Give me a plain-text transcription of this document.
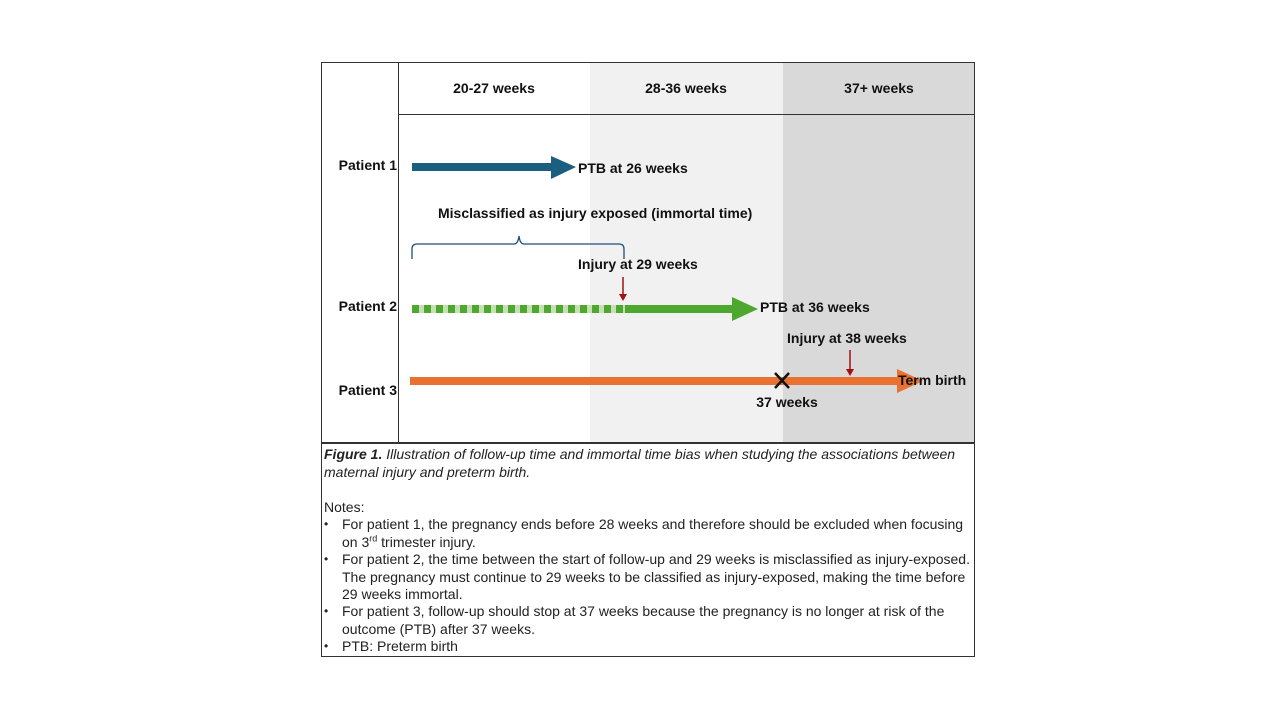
20-27 weeks	28-36 weeks	37+ weeks
Patient 1
Patient 2
Patient 3
PTB at 26 weeks
Misclassified as injury exposed (immortal time)
Injury at 29 weeks
PTB at 36 weeks
Injury at 38 weeks
Term birth
37 weeks
Figure 1. Illustration of follow-up time and immortal time bias when studying the associations between maternal injury and preterm birth.
Notes:
• For patient 1, the pregnancy ends before 28 weeks and therefore should be excluded when focusing on 3rd trimester injury.
• For patient 2, the time between the start of follow-up and 29 weeks is misclassified as injury-exposed. The pregnancy must continue to 29 weeks to be classified as injury-exposed, making the time before 29 weeks immortal.
• For patient 3, follow-up should stop at 37 weeks because the pregnancy is no longer at risk of the outcome (PTB) after 37 weeks.
• PTB: Preterm birth
